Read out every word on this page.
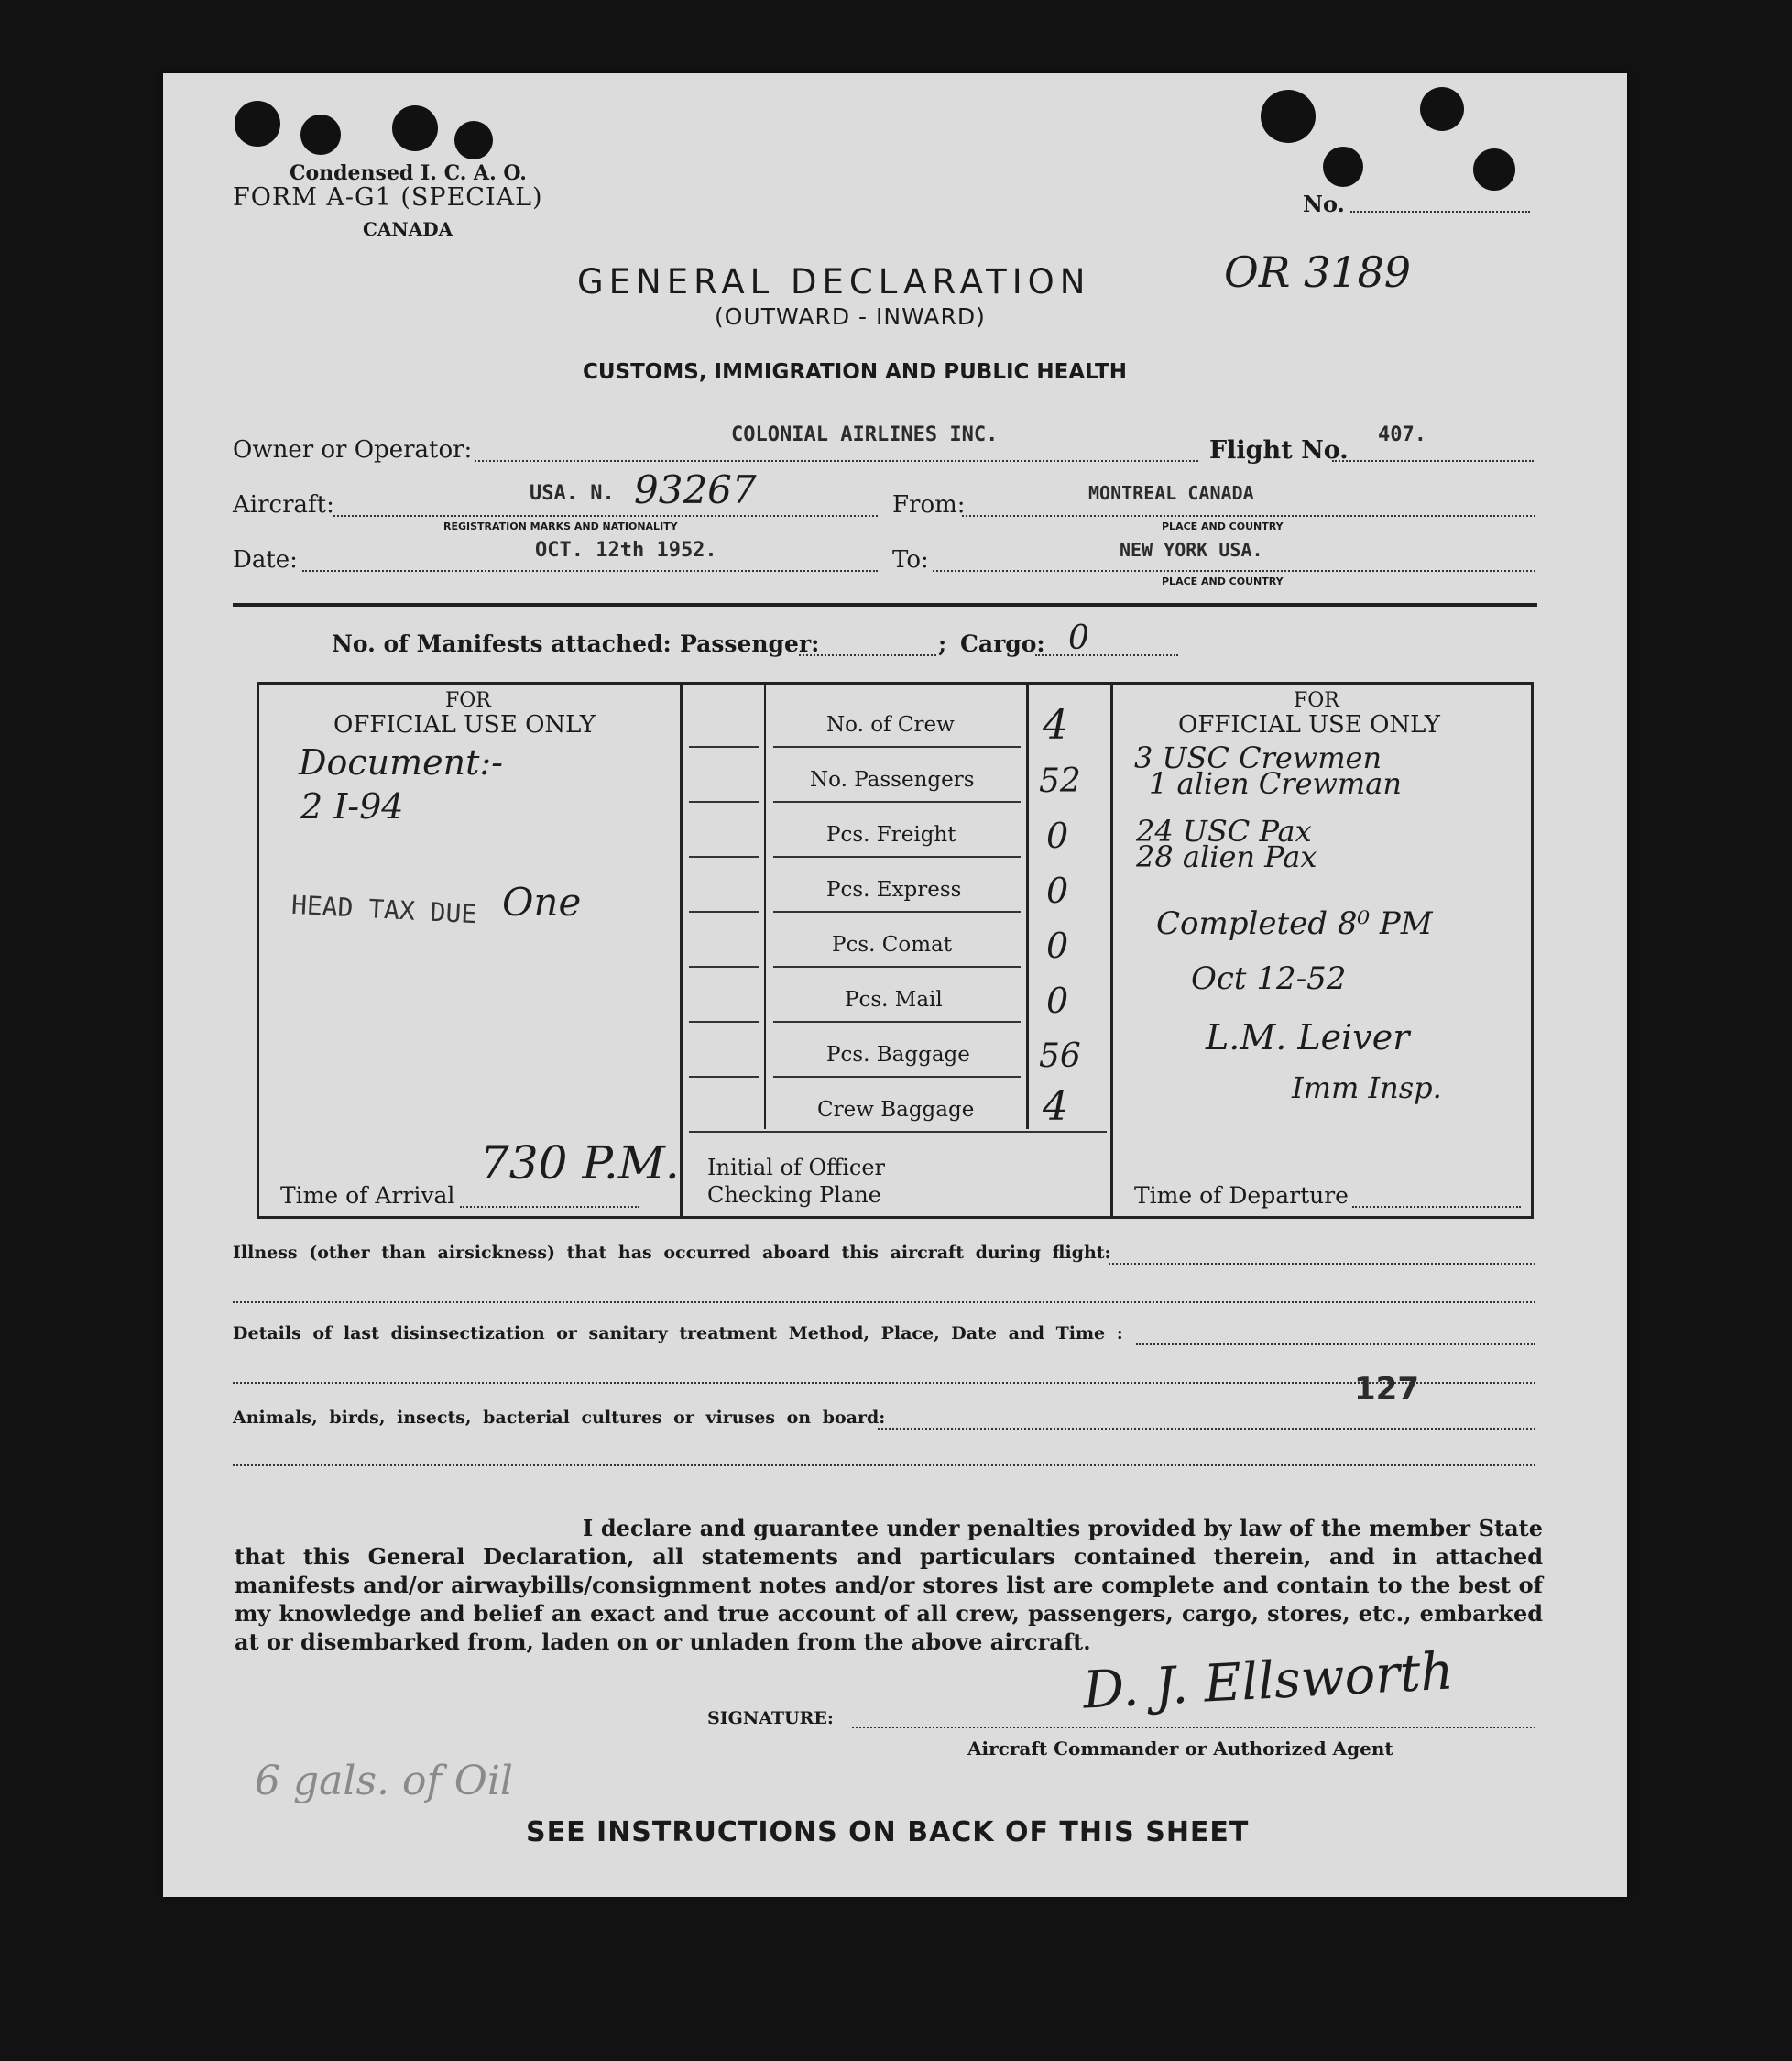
Condensed I. C. A. O.
FORM A-G1 (SPECIAL)
CANADA
No.
GENERAL DECLARATION	OR 3189
(OUTWARD - INWARD)
CUSTOMS, IMMIGRATION AND PUBLIC HEALTH
Owner or Operator:
COLONIAL AIRLINES INC.
Flight No.
407.
Aircraft:	USA. N. 93267
REGISTRATION MARKS AND NATIONALITY
From:	MONTREAL CANADA
PLACE AND COUNTRY
Date:	OCT. 12th 1952.	To:	NEW YORK USA.
PLACE AND COUNTRY
No. of Manifests attached: Passenger:	; Cargo: 0
FOR
OFFICIAL USE ONLY
Document:-
2 I-94
HEAD TAX DUE One
Time of Arrival
730 P.M. Initial of Officer
Checking Plane
No. of Crew 4
No. Passengers 52
Pcs. Freight	0
Pcs. Express 0
Pcs. Comat	0
Pcs. Mail	0
Pcs. Baggage 56
Crew Baggage 4
FOR
OFFICIAL USE ONLY
3 USC Crewmen
1 alien Crewman
24 USC Pax
28 alien Pax
Completed 8⁰ PM
Oct 12-52
L.M. Leiver
Imm Insp.
Time of Departure
Illness (other than airsickness) that has occurred aboard this aircraft during flight:
Details of last disinsectization or sanitary treatment Method, Place, Date and Time :
127
Animals, birds, insects, bacterial cultures or viruses on board:
I declare and guarantee under penalties provided by law of the member State that this General Declaration, all statements and particulars contained therein, and in attached manifests and/or airwaybills/consignment notes and/or stores list are complete and contain to the best of my knowledge and belief an exact and true account of all crew, passengers, cargo, stores, etc., embarked at or disembarked from, laden on or unladen from the above aircraft.
D. J. Ellsworth
SIGNATURE:
Aircraft Commander or Authorized Agent
6 gals. of Oil
SEE INSTRUCTIONS ON BACK OF THIS SHEET
